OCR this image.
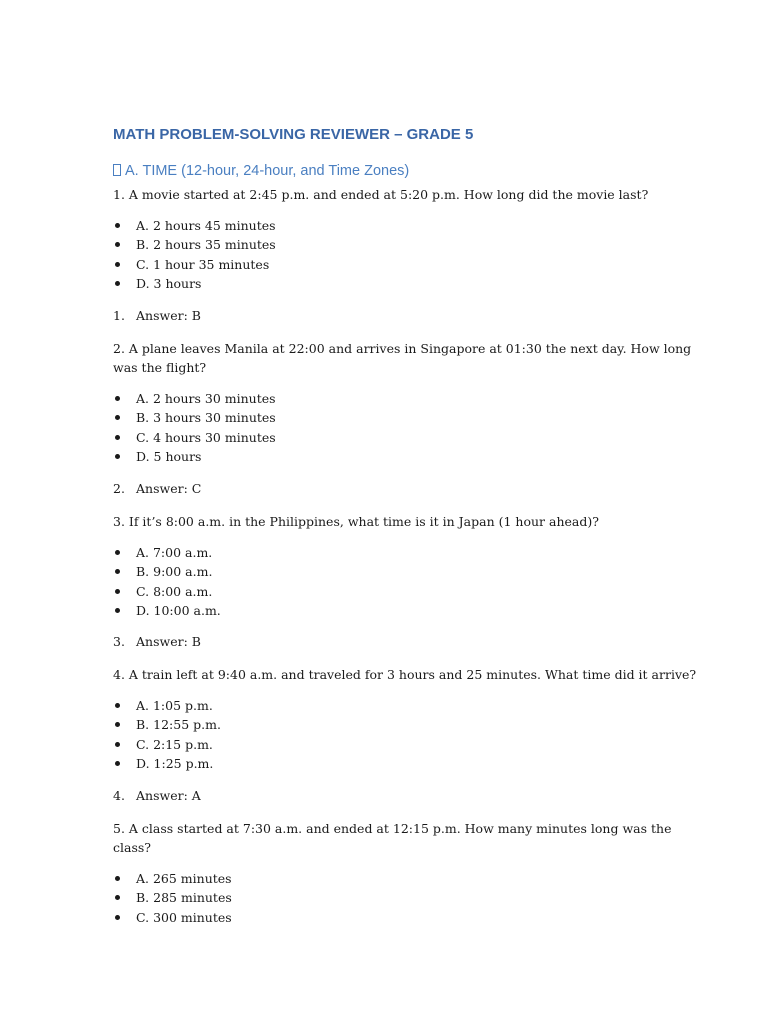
MATH PROBLEM-SOLVING REVIEWER – GRADE 5
A. TIME (12-hour, 24-hour, and Time Zones)
1. A movie started at 2:45 p.m. and ended at 5:20 p.m. How long did the movie last?
A. 2 hours 45 minutes
B. 2 hours 35 minutes
C. 1 hour 35 minutes
D. 3 hours
1. Answer: B
2. A plane leaves Manila at 22:00 and arrives in Singapore at 01:30 the next day. How long
was the flight?
A. 2 hours 30 minutes
B. 3 hours 30 minutes
C. 4 hours 30 minutes
D. 5 hours
2. Answer: C
3. If it’s 8:00 a.m. in the Philippines, what time is it in Japan (1 hour ahead)?
A. 7:00 a.m.
B. 9:00 a.m.
C. 8:00 a.m.
D. 10:00 a.m.
3. Answer: B
4. A train left at 9:40 a.m. and traveled for 3 hours and 25 minutes. What time did it arrive?
A. 1:05 p.m.
B. 12:55 p.m.
C. 2:15 p.m.
D. 1:25 p.m.
4. Answer: A
5. A class started at 7:30 a.m. and ended at 12:15 p.m. How many minutes long was the
class?
A. 265 minutes
B. 285 minutes
C. 300 minutes
